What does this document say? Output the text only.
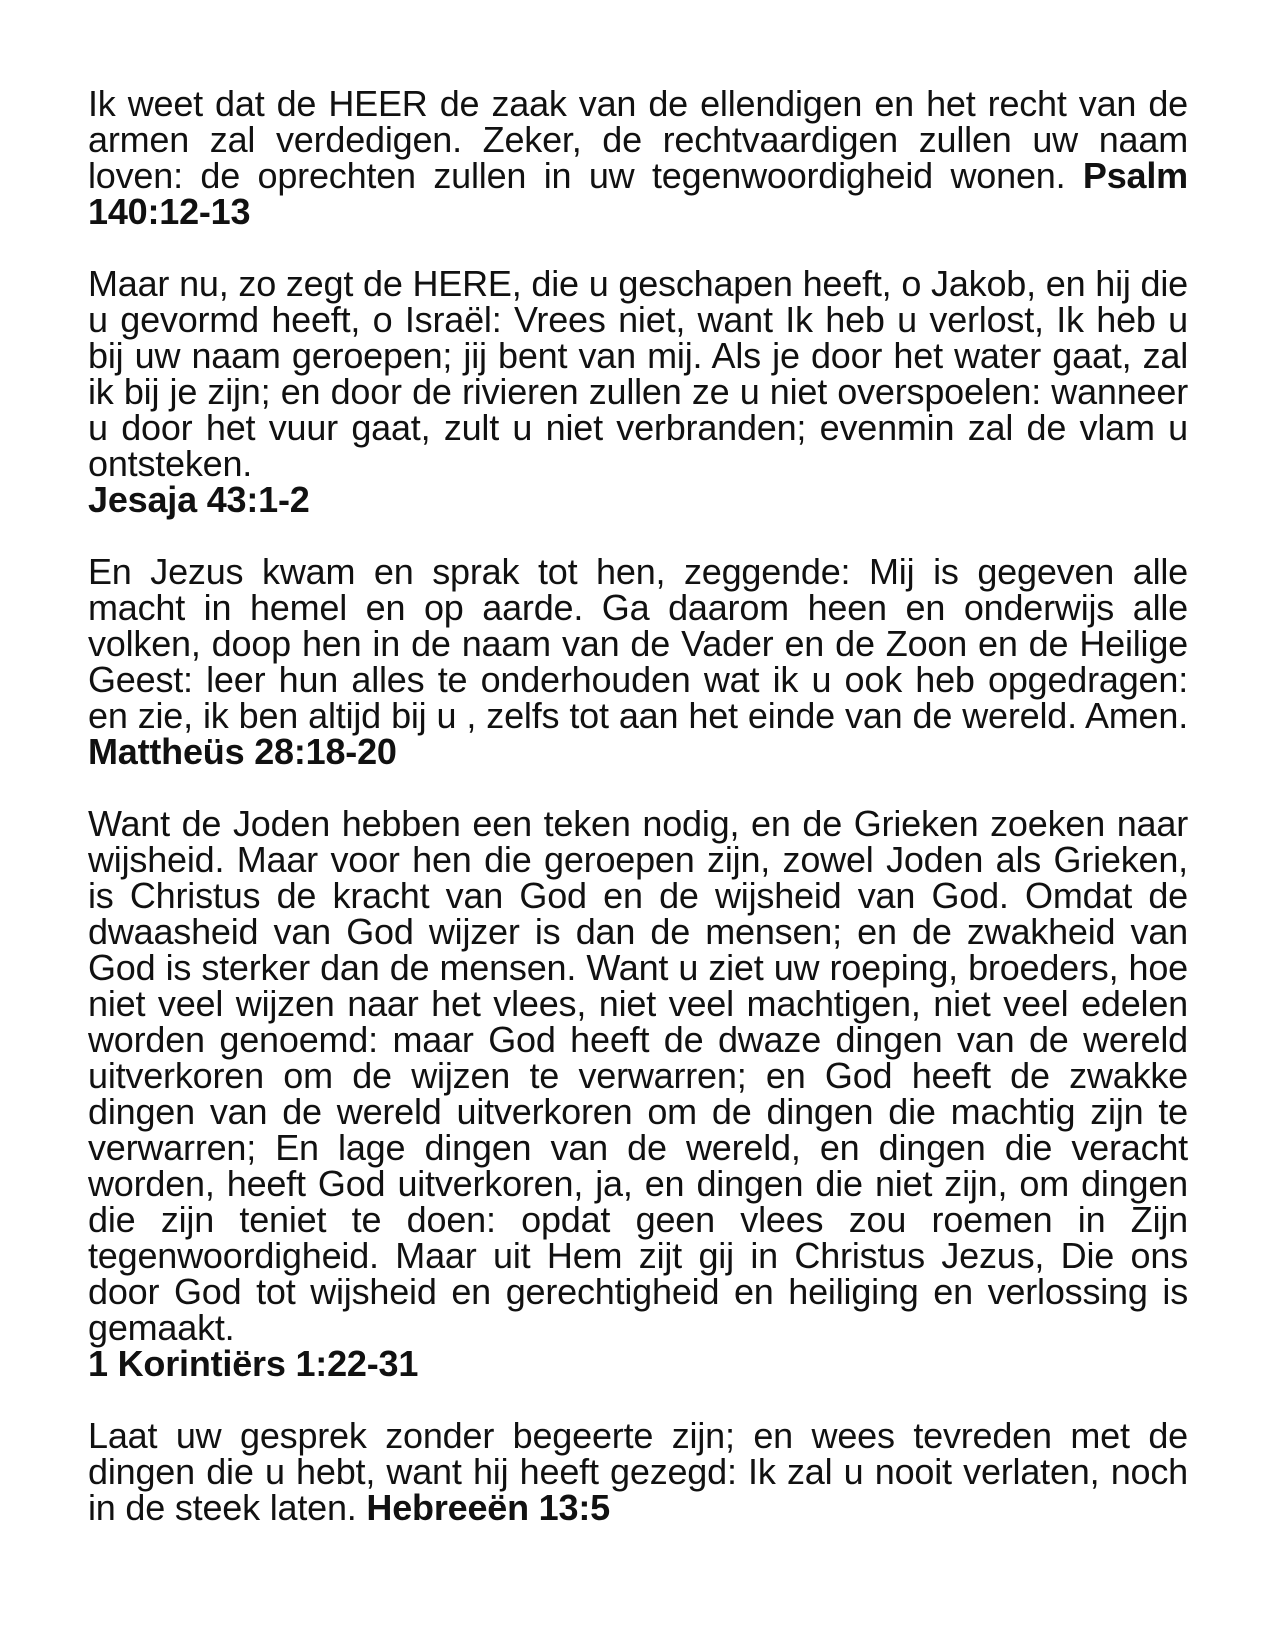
Ik weet dat de HEER de zaak van de ellendigen en het recht van de armen zal verdedigen. Zeker, de rechtvaardigen zullen uw naam loven: de oprechten zullen in uw tegenwoordigheid wonen. Psalm 140:12-13

Maar nu, zo zegt de HERE, die u geschapen heeft, o Jakob, en hij die u gevormd heeft, o Israël: Vrees niet, want Ik heb u verlost, Ik heb u bij uw naam geroepen; jij bent van mij. Als je door het water gaat, zal ik bij je zijn; en door de rivieren zullen ze u niet overspoelen: wanneer u door het vuur gaat, zult u niet verbranden; evenmin zal de vlam u ontsteken.
Jesaja 43:1-2

En Jezus kwam en sprak tot hen, zeggende: Mij is gegeven alle macht in hemel en op aarde. Ga daarom heen en onderwijs alle volken, doop hen in de naam van de Vader en de Zoon en de Heilige Geest: leer hun alles te onderhouden wat ik u ook heb opgedragen: en zie, ik ben altijd bij u , zelfs tot aan het einde van de wereld. Amen. Mattheüs 28:18-20

Want de Joden hebben een teken nodig, en de Grieken zoeken naar wijsheid. Maar voor hen die geroepen zijn, zowel Joden als Grieken, is Christus de kracht van God en de wijsheid van God. Omdat de dwaasheid van God wijzer is dan de mensen; en de zwakheid van God is sterker dan de mensen. Want u ziet uw roeping, broeders, hoe niet veel wijzen naar het vlees, niet veel machtigen, niet veel edelen worden genoemd: maar God heeft de dwaze dingen van de wereld uitverkoren om de wijzen te verwarren; en God heeft de zwakke dingen van de wereld uitverkoren om de dingen die machtig zijn te verwarren; En lage dingen van de wereld, en dingen die veracht worden, heeft God uitverkoren, ja, en dingen die niet zijn, om dingen die zijn teniet te doen: opdat geen vlees zou roemen in Zijn tegenwoordigheid. Maar uit Hem zijt gij in Christus Jezus, Die ons door God tot wijsheid en gerechtigheid en heiliging en verlossing is gemaakt.
1 Korintiërs 1:22-31

Laat uw gesprek zonder begeerte zijn; en wees tevreden met de dingen die u hebt, want hij heeft gezegd: Ik zal u nooit verlaten, noch in de steek laten. Hebreeën 13:5
